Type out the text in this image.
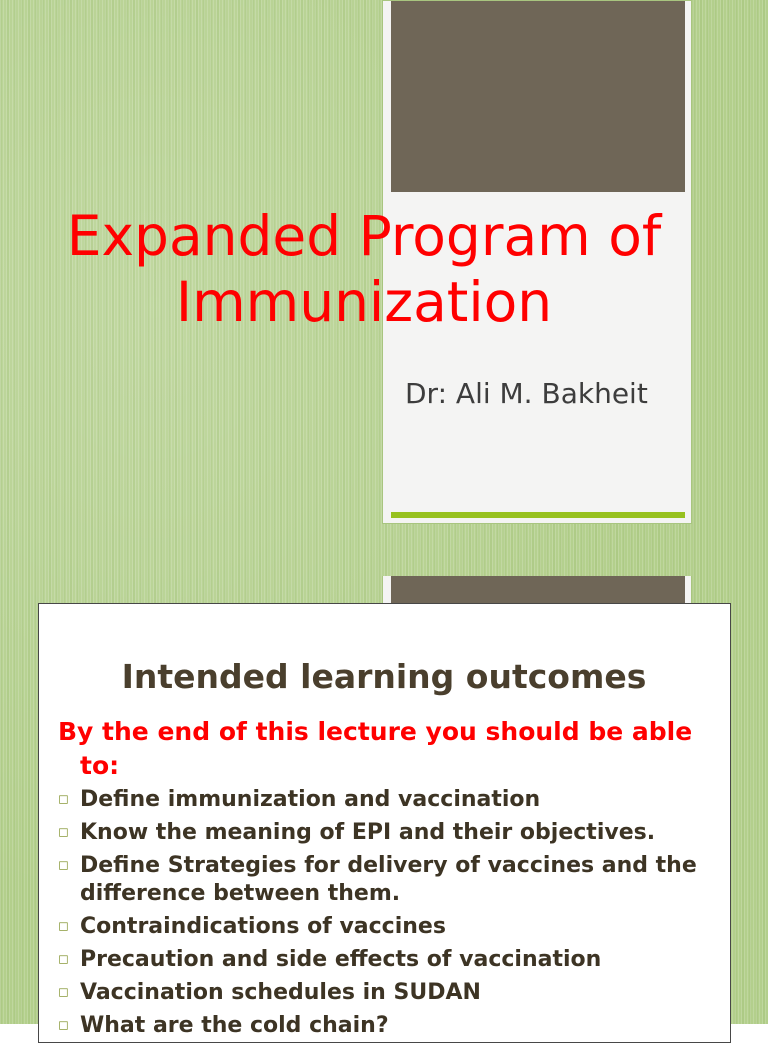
Expanded Program of
Immunization

Dr: Ali M. Bakheit

Intended learning outcomes

By the end of this lecture you should be able to:

◻ Define immunization and vaccination
◻ Know the meaning of EPI and their objectives.
◻ Define Strategies for delivery of vaccines and the difference between them.
◻ Contraindications of vaccines
◻ Precaution and side effects of vaccination
◻ Vaccination schedules in SUDAN
◻ What are the cold chain?
